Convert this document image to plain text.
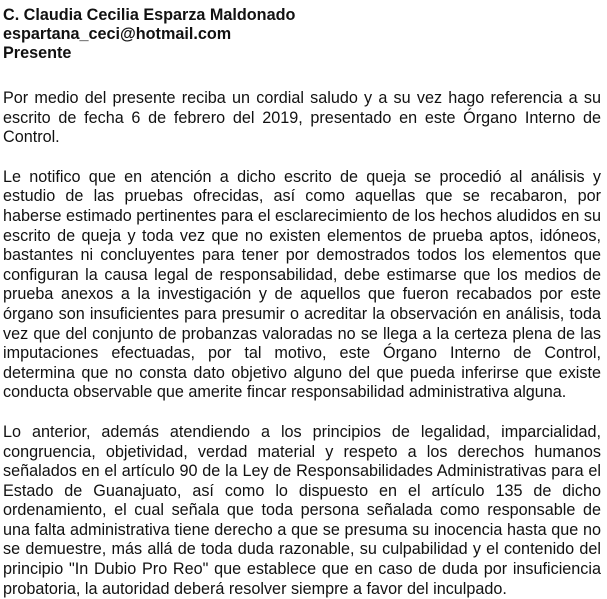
C. Claudia Cecilia Esparza Maldonado
espartana_ceci@hotmail.com
Presente

Por medio del presente reciba un cordial saludo y a su vez hago referencia a su escrito de fecha 6 de febrero del 2019, presentado en este Órgano Interno de Control.

Le notifico que en atención a dicho escrito de queja se procedió al análisis y estudio de las pruebas ofrecidas, así como aquellas que se recabaron, por haberse estimado pertinentes para el esclarecimiento de los hechos aludidos en su escrito de queja y toda vez que no existen elementos de prueba aptos, idóneos, bastantes ni concluyentes para tener por demostrados todos los elementos que configuran la causa legal de responsabilidad, debe estimarse que los medios de prueba anexos a la investigación y de aquellos que fueron recabados por este órgano son insuficientes para presumir o acreditar la observación en análisis, toda vez que del conjunto de probanzas valoradas no se llega a la certeza plena de las imputaciones efectuadas, por tal motivo, este Órgano Interno de Control, determina que no consta dato objetivo alguno del que pueda inferirse que existe conducta observable que amerite fincar responsabilidad administrativa alguna.

Lo anterior, además atendiendo a los principios de legalidad, imparcialidad, congruencia, objetividad, verdad material y respeto a los derechos humanos señalados en el artículo 90 de la Ley de Responsabilidades Administrativas para el Estado de Guanajuato, así como lo dispuesto en el artículo 135 de dicho ordenamiento, el cual señala que toda persona señalada como responsable de una falta administrativa tiene derecho a que se presuma su inocencia hasta que no se demuestre, más allá de toda duda razonable, su culpabilidad y el contenido del principio "In Dubio Pro Reo" que establece que en caso de duda por insuficiencia probatoria, la autoridad deberá resolver siempre a favor del inculpado.
